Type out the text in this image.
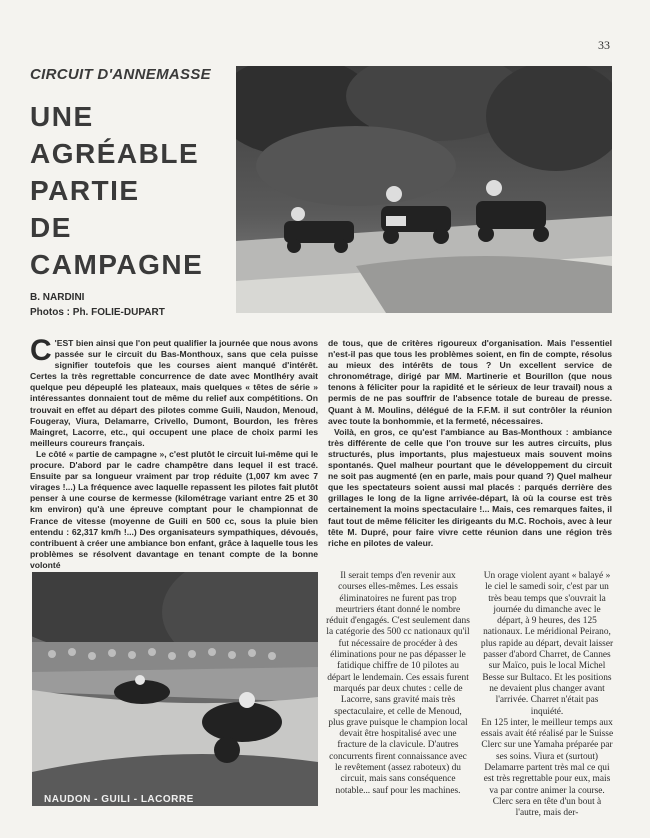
33
CIRCUIT D'ANNEMASSE
UNE
AGRÉABLE
PARTIE
DE
CAMPAGNE
B. NARDINI
Photos : Ph. FOLIE-DUPART

C 'EST bien ainsi que l'on peut qualifier la journée que nous avons passée sur le circuit du Bas-Monthoux, sans que cela puisse signifier toutefois que les courses aient manqué d'intérêt. Certes la très regrettable concurrence de date avec Montlhéry avait quelque peu dépeuplé les plateaux, mais quelques « têtes de série » intéressantes donnaient tout de même du relief aux compétitions. On trouvait en effet au départ des pilotes comme Guili, Naudon, Menoud, Fougeray, Viura, Delamarre, Crivello, Dumont, Bourdon, les frères Maingret, Lacorre, etc., qui occupent une place de choix parmi les meilleurs coureurs français.

Le côté « partie de campagne », c'est plutôt le circuit lui-même qui le procure. D'abord par le cadre champêtre dans lequel il est tracé. Ensuite par sa longueur vraiment par trop réduite (1,007 km avec 7 virages !...) La fréquence avec laquelle repassent les pilotes fait plutôt penser à une course de kermesse (kilométrage variant entre 25 et 30 km environ) qu'à une épreuve comptant pour le championnat de France de vitesse (moyenne de Guili en 500 cc, sous la pluie bien entendu : 62,317 km/h !...) Des organisateurs sympathiques, dévoués, contribuent à créer une ambiance bon enfant, grâce à laquelle tous les problèmes se résolvent davantage en tenant compte de la bonne volonté

de tous, que de critères rigoureux d'organisation. Mais l'essentiel n'est-il pas que tous les problèmes soient, en fin de compte, résolus au mieux des intérêts de tous ? Un excellent service de chronométrage, dirigé par MM. Martinerie et Bourillon (que nous tenons à féliciter pour la rapidité et le sérieux de leur travail) nous a permis de ne pas souffrir de l'absence totale de bureau de presse. Quant à M. Moulins, délégué de la F.F.M. il sut contrôler la réunion avec toute la bonhommie, et la fermeté, nécessaires.

Voilà, en gros, ce qu'est l'ambiance au Bas-Monthoux : ambiance très différente de celle que l'on trouve sur les autres circuits, plus structurés, plus importants, plus majestueux mais souvent moins spontanés. Quel malheur pourtant que le développement du circuit ne soit pas augmenté (en en parle, mais pour quand ?) Quel malheur que les spectateurs soient aussi mal placés : parqués derrière des grillages le long de la ligne arrivée-départ, là où la course est très certainement la moins spectaculaire !... Mais, ces remarques faites, il faut tout de même féliciter les dirigeants du M.C. Rochois, avec à leur tête M. Dupré, pour faire vivre cette réunion dans une région très riche en pilotes de valeur.

NAUDON - GUILI - LACORRE

Il serait temps d'en revenir aux courses elles-mêmes. Les essais éliminatoires ne furent pas trop meurtriers étant donné le nombre réduit d'engagés. C'est seulement dans la catégorie des 500 cc nationaux qu'il fut nécessaire de procéder à des éliminations pour ne pas dépasser le fatidique chiffre de 10 pilotes au départ le lendemain. Ces essais furent marqués par deux chutes : celle de Lacorre, sans gravité mais très spectaculaire, et celle de Menoud, plus grave puisque le champion local devait être hospitalisé avec une fracture de la clavicule. D'autres concurrents firent connaissance avec le revêtement (assez raboteux) du circuit, mais sans conséquence notable... sauf pour les machines.

Un orage violent ayant « balayé » le ciel le samedi soir, c'est par un très beau temps que s'ouvrait la journée du dimanche avec le départ, à 9 heures, des 125 nationaux. Le méridional Peirano, plus rapide au départ, devait laisser passer d'abord Charret, de Cannes sur Maïco, puis le local Michel Besse sur Bultaco. Et les positions ne devaient plus changer avant l'arrivée. Charret n'était pas inquiété.

En 125 inter, le meilleur temps aux essais avait été réalisé par le Suisse Clerc sur une Yamaha préparée par ses soins. Viura et (surtout) Delamarre partent très mal ce qui est très regrettable pour eux, mais va par contre animer la course. Clerc sera en tête d'un bout à l'autre, mais der-
